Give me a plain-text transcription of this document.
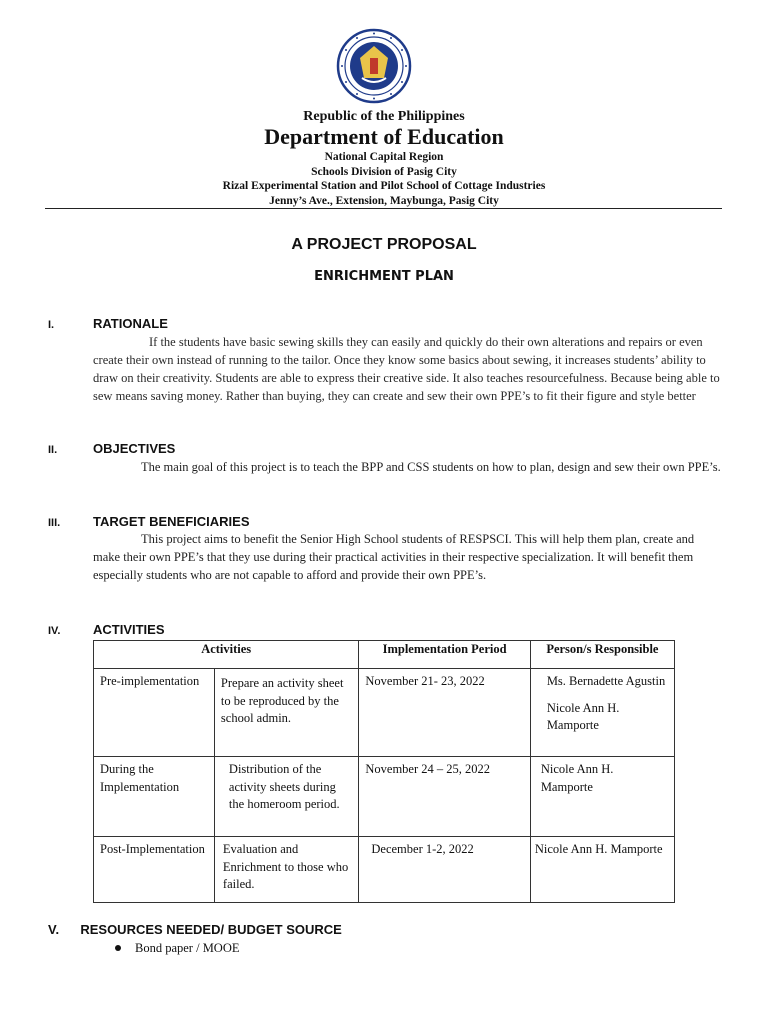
Republic of the Philippines
Department of Education
National Capital Region
Schools Division of Pasig City
Rizal Experimental Station and Pilot School of Cottage Industries
Jenny’s Ave., Extension, Maybunga, Pasig City
A PROJECT PROPOSAL
ENRICHMENT PLAN
I.	RATIONALE
If the students have basic sewing skills they can easily and quickly do their own alterations and repairs or even create their own instead of running to the tailor. Once they know some basics about sewing, it increases students’ ability to draw on their creativity. Students are able to express their creative side. It also teaches resourcefulness. Because being able to sew means saving money. Rather than buying, they can create and sew their own PPE’s to fit their figure and style better
II.	OBJECTIVES
The main goal of this project is to teach the BPP and CSS students on how to plan, design and sew their own PPE’s.
III.	TARGET BENEFICIARIES
This project aims to benefit the Senior High School students of RESPSCI. This will help them plan, create and make their own PPE’s that they use during their practical activities in their respective specialization. It will benefit them especially students who are not capable to afford and provide their own PPE’s.
IV.	ACTIVITIES
Activities		Implementation Period	Person/s Responsible
Pre-implementation	Prepare an activity sheet to be reproduced by the school admin.	November 21- 23, 2022	Ms. Bernadette Agustin
Nicole Ann H. Mamporte
During the Implementation	Distribution of the activity sheets during the homeroom period.	November 24 – 25, 2022	Nicole Ann H. Mamporte
Post-Implementation	Evaluation and Enrichment to those who failed.	December 1-2, 2022	Nicole Ann H. Mamporte
V. RESOURCES NEEDED/ BUDGET SOURCE
Bond paper / MOOE
